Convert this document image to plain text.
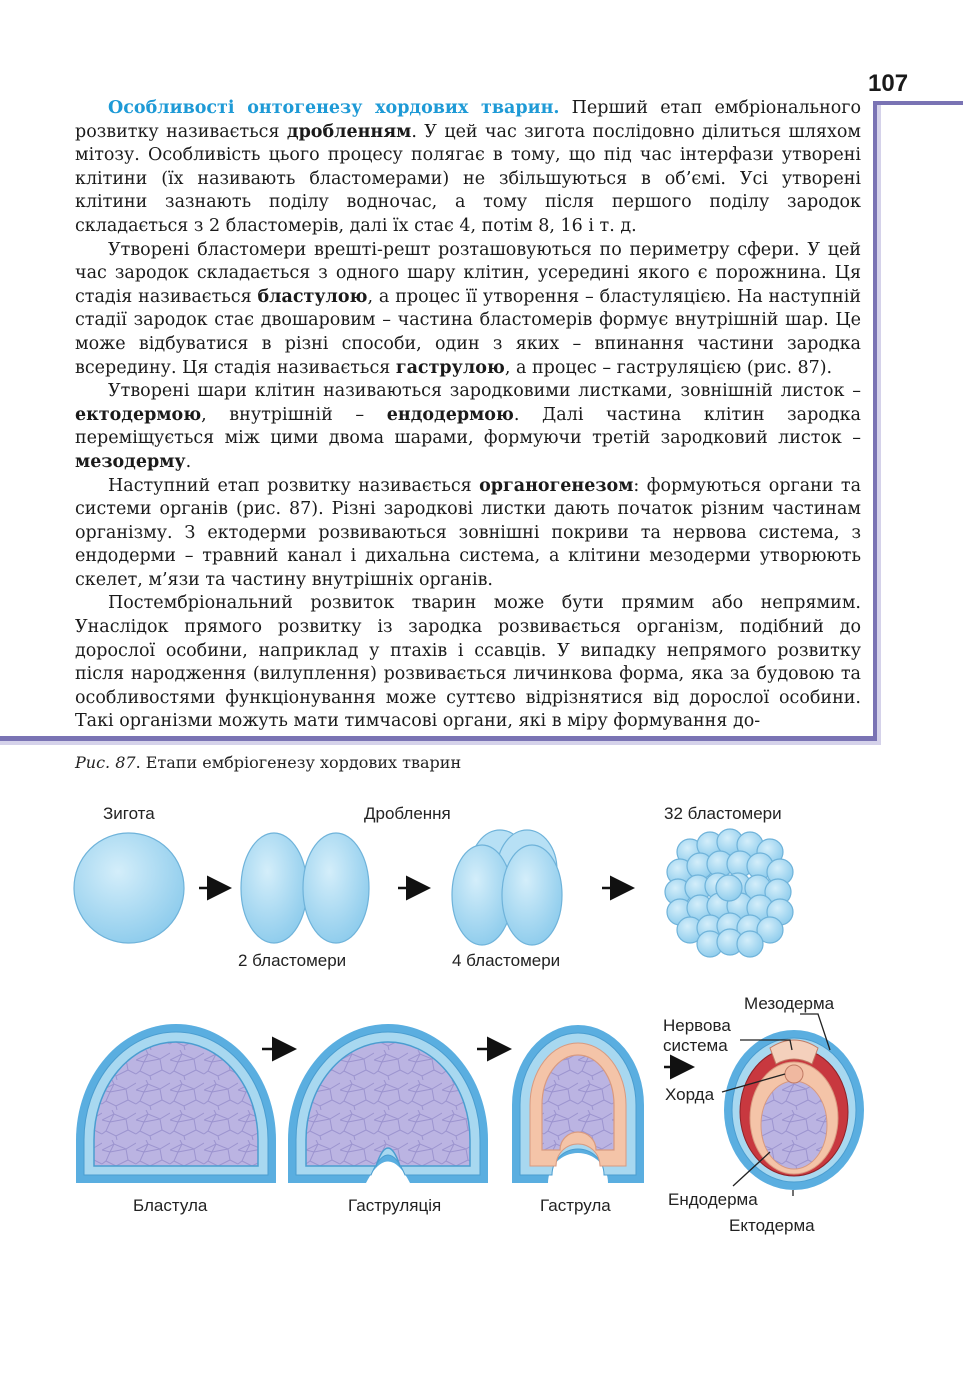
107

Особливості онтогенезу хордових тварин. Перший етап ембріонального розвитку називається дробленням. У цей час зигота послідовно ділиться шляхом мітозу. Особливість цього процесу полягає в тому, що під час інтерфази утворені клітини (їх називають бластомерами) не збільшуються в об’ємі. Усі утворені клітини зазнають поділу водночас, а тому після першого поділу зародок складається з 2 бластомерів, далі їх стає 4, потім 8, 16 і т. д.

Утворені бластомери врешті-решт розташовуються по периметру сфери. У цей час зародок складається з одного шару клітин, усередині якого є порожнина. Ця стадія називається бластулою, а процес її утворення – бластуляцією. На наступній стадії зародок стає двошаровим – частина бластомерів формує внутрішній шар. Це може відбуватися в різні способи, один з яких – впинання частини зародка всередину. Ця стадія називається гаструлою, а процес – гаструляцією (рис. 87).

Утворені шари клітин називаються зародковими листками, зовнішній листок – ектодермою, внутрішній – ендодермою. Далі частина клітин зародка переміщується між цими двома шарами, формуючи третій зародковий листок – мезодерму.

Наступний етап розвитку називається органогенезом: формуються органи та системи органів (рис. 87). Різні зародкові листки дають початок різним частинам організму. З ектодерми розвиваються зовнішні покриви та нервова система, з ендодерми – травний канал і дихальна система, а клітини мезодерми утворюють скелет, м’язи та частину внутрішніх органів.

Постембріональний розвиток тварин може бути прямим або непрямим. Унаслідок прямого розвитку із зародка розвивається організм, подібний до дорослої особини, наприклад у птахів і ссавців. У випадку непрямого розвитку після народження (вилуплення) розвивається личинкова форма, яка за будовою та особливостями функціонування може суттєво відрізнятися від дорослої особини. Такі організми можуть мати тимчасові органи, які в міру формування до-

Рис. 87. Етапи ембріогенезу хордових тварин
Зигота	Дроблення	32 бластомери
2 бластомери	4 бластомери
Бластула	Гаструляція	Гаструла
Мезодерма
Нервова
система
Хорда
Ендодерма
Ектодерма
